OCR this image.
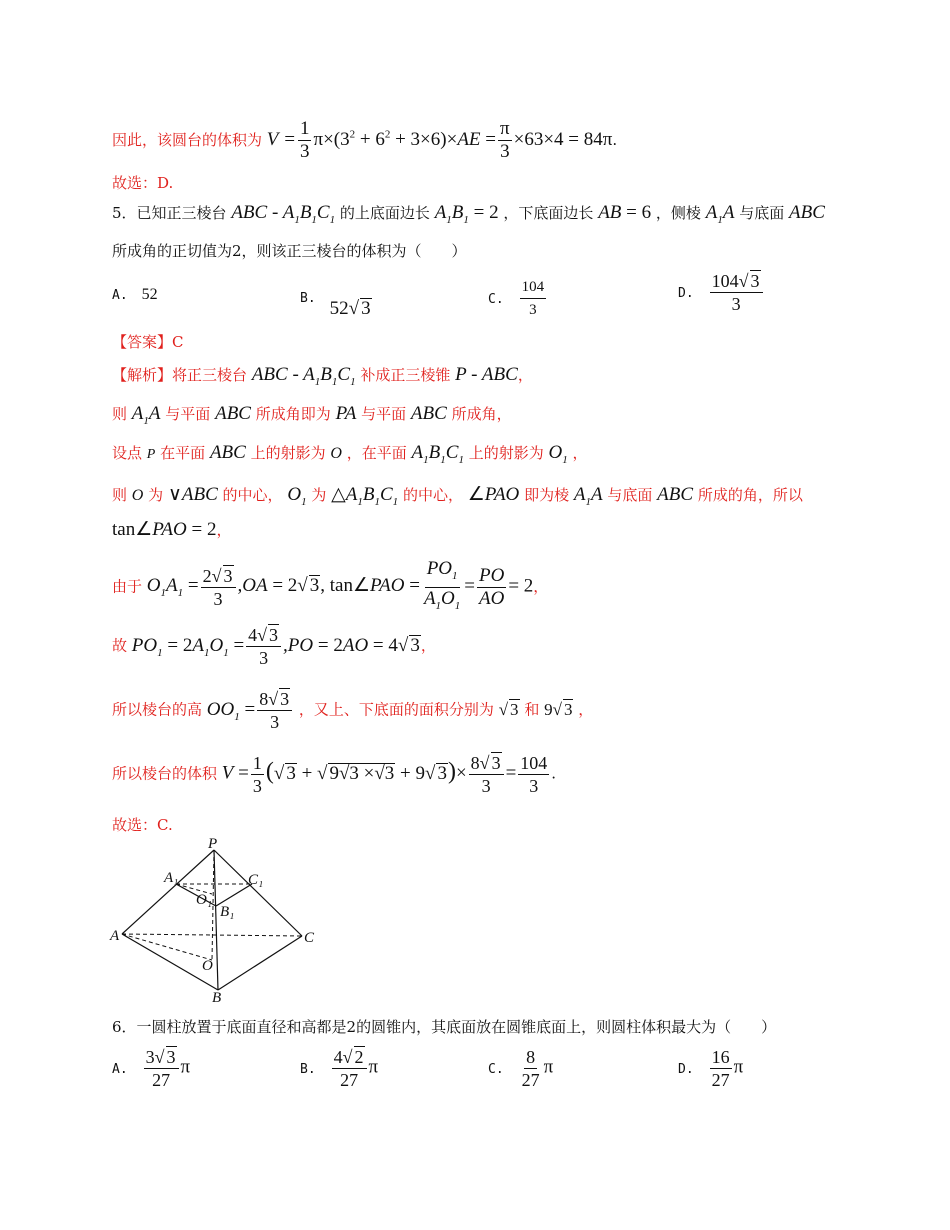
因此，该圆台的体积为 $V = \frac{1}{3} \pi\times(3^2 + 6^2 + 3\times 6)\times AE = \frac{\pi}{3} \times 63\times 4 = 84\pi$.
故选：D.
5．已知正三棱台 ABC - $A_1B_1C_1$ 的上底面边长 $A_1B_1 = 2$ ，下底面边长 AB = 6 ，侧棱 $A_1A$ 与底面 ABC
所成角的正切值为2，则该正三棱台的体积为（　　）
A. 52	B. 52√ 3	C. $\frac{104}{3}$	D. $\frac{104√ 3}{3}$
【答案】C
【解析】将正三棱台 ABC - $A_1B_1C_1$ 补成正三棱锥 P - ABC，
则 $A_1A$ 与平面 ABC 所成角即为 PA 与平面 ABC 所成角，
设点 P 在平面 ABC 上的射影为 O ，在平面 $A_1B_1C_1$ 上的射影为 $O_1$ ，
则 O 为 ∨ABC 的中心， $O_1$ 为 $\triangle A_1B_1C_1$ 的中心， ∠PAO 即为棱 $A_1A$ 与底面 ABC 所成的角，所以
tan∠PAO = 2，
由于 $O_1A_1 = \frac{2√ 3}{3} ,OA = 2√$ 3, tan∠PAO = $\frac{PO_1}{A_1O_1} = \frac{PO}{AO} = 2$，
故 $PO_1 = 2A_1O_1 = \frac{4√ 3}{3} ,PO = 2AO = 4√$ 3，
所以棱台的高 $OO_1 = \frac{8√ 3}{3}$ ，又上、下底面的面积分别为 √ 3 和 9√ 3 ，
所以棱台的体积 $V = \frac{1}{3}$ (√ 3 + √ 9√3 ×√3 + 9√ $3)\times \frac{8√ 3}{3} = \frac{104}{3}$ .
故选：C.
P
A₁	C₁
O₁
B₁
A	C
O
B
6．一圆柱放置于底面直径和高都是2的圆锥内，其底面放在圆锥底面上，则圆柱体积最大为（　　）
A. $\frac{3√ 3}{27}$ π	B. $\frac{4√ 2}{27}$ π	C. $\frac{8}{27}$ π	D. $\frac{16}{27}$ π
